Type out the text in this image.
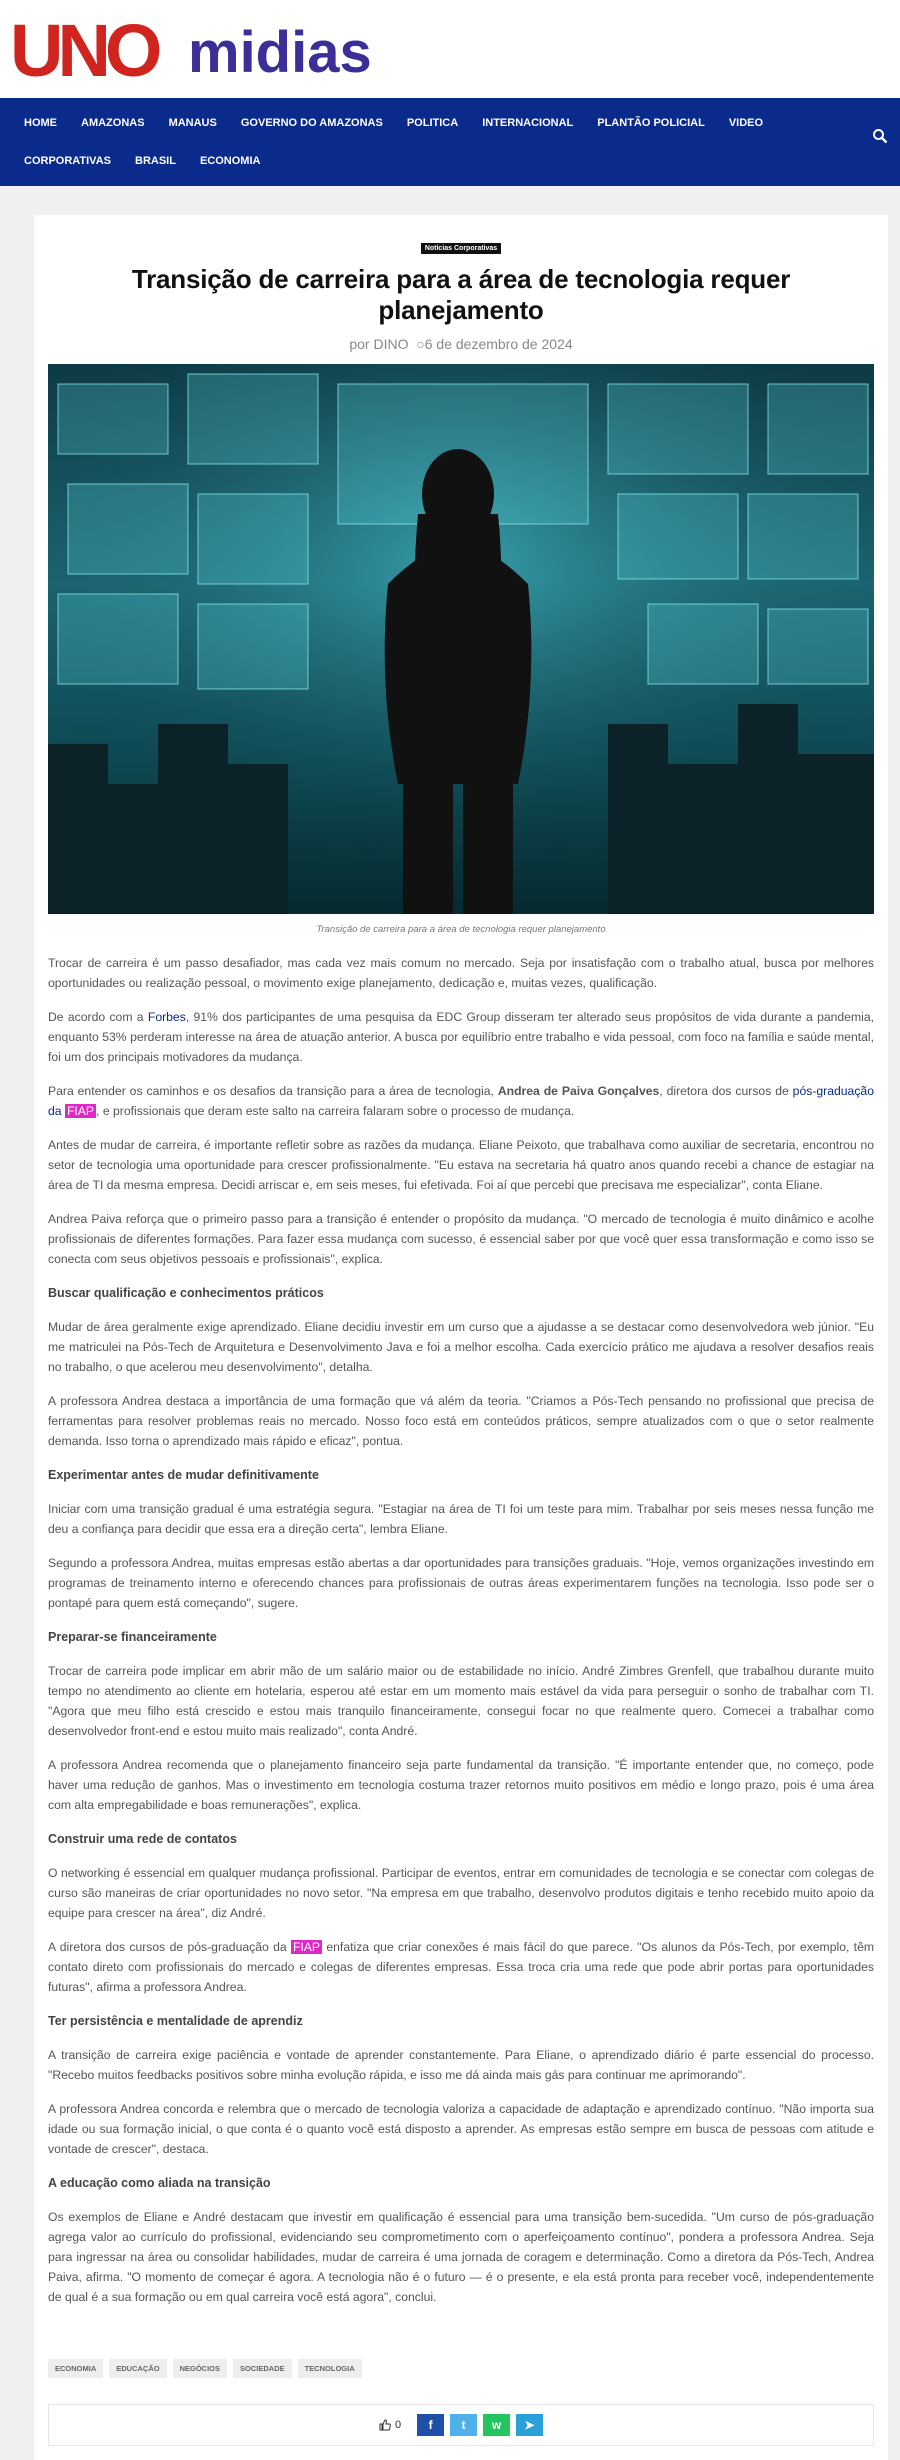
UNO midias
HOME	AMAZONAS	MANAUS	GOVERNO DO AMAZONAS	POLITICA	INTERNACIONAL	PLANTÃO POLICIAL	VIDEO
CORPORATIVAS	BRASIL	ECONOMIA
Notícias Corporativas
Transição de carreira para a área de tecnologia requer planejamento
por DINO ○6 de dezembro de 2024
Transição de carreira para a área de tecnologia requer planejamento

Trocar de carreira é um passo desafiador, mas cada vez mais comum no mercado. Seja por insatisfação com o trabalho atual, busca por melhores oportunidades ou realização pessoal, o movimento exige planejamento, dedicação e, muitas vezes, qualificação.

De acordo com a Forbes, 91% dos participantes de uma pesquisa da EDC Group disseram ter alterado seus propósitos de vida durante a pandemia, enquanto 53% perderam interesse na área de atuação anterior. A busca por equilíbrio entre trabalho e vida pessoal, com foco na família e saúde mental, foi um dos principais motivadores da mudança.

Para entender os caminhos e os desafios da transição para a área de tecnologia, Andrea de Paiva Gonçalves, diretora dos cursos de pós-graduação da FIAP , e profissionais que deram este salto na carreira falaram sobre o processo de mudança.

Antes de mudar de carreira, é importante refletir sobre as razões da mudança. Eliane Peixoto, que trabalhava como auxiliar de secretaria, encontrou no setor de tecnologia uma oportunidade para crescer profissionalmente. "Eu estava na secretaria há quatro anos quando recebi a chance de estagiar na área de TI da mesma empresa. Decidi arriscar e, em seis meses, fui efetivada. Foi aí que percebi que precisava me especializar", conta Eliane.

Andrea Paiva reforça que o primeiro passo para a transição é entender o propósito da mudança. "O mercado de tecnologia é muito dinâmico e acolhe profissionais de diferentes formações. Para fazer essa mudança com sucesso, é essencial saber por que você quer essa transformação e como isso se conecta com seus objetivos pessoais e profissionais", explica.

Buscar qualificação e conhecimentos práticos

Mudar de área geralmente exige aprendizado. Eliane decidiu investir em um curso que a ajudasse a se destacar como desenvolvedora web júnior. "Eu me matriculei na Pós-Tech de Arquitetura e Desenvolvimento Java e foi a melhor escolha. Cada exercício prático me ajudava a resolver desafios reais no trabalho, o que acelerou meu desenvolvimento", detalha.

A professora Andrea destaca a importância de uma formação que vá além da teoria. "Criamos a Pós-Tech pensando no profissional que precisa de ferramentas para resolver problemas reais no mercado. Nosso foco está em conteúdos práticos, sempre atualizados com o que o setor realmente demanda. Isso torna o aprendizado mais rápido e eficaz", pontua.

Experimentar antes de mudar definitivamente

Iniciar com uma transição gradual é uma estratégia segura. "Estagiar na área de TI foi um teste para mim. Trabalhar por seis meses nessa função me deu a confiança para decidir que essa era a direção certa", lembra Eliane.

Segundo a professora Andrea, muitas empresas estão abertas a dar oportunidades para transições graduais. "Hoje, vemos organizações investindo em programas de treinamento interno e oferecendo chances para profissionais de outras áreas experimentarem funções na tecnologia. Isso pode ser o pontapé para quem está começando", sugere.

Preparar-se financeiramente

Trocar de carreira pode implicar em abrir mão de um salário maior ou de estabilidade no início. André Zimbres Grenfell, que trabalhou durante muito tempo no atendimento ao cliente em hotelaria, esperou até estar em um momento mais estável da vida para perseguir o sonho de trabalhar com TI. "Agora que meu filho está crescido e estou mais tranquilo financeiramente, consegui focar no que realmente quero. Comecei a trabalhar como desenvolvedor front-end e estou muito mais realizado", conta André.

A professora Andrea recomenda que o planejamento financeiro seja parte fundamental da transição. "É importante entender que, no começo, pode haver uma redução de ganhos. Mas o investimento em tecnologia costuma trazer retornos muito positivos em médio e longo prazo, pois é uma área com alta empregabilidade e boas remunerações", explica.

Construir uma rede de contatos

O networking é essencial em qualquer mudança profissional. Participar de eventos, entrar em comunidades de tecnologia e se conectar com colegas de curso são maneiras de criar oportunidades no novo setor. "Na empresa em que trabalho, desenvolvo produtos digitais e tenho recebido muito apoio da equipe para crescer na área", diz André.

A diretora dos cursos de pós-graduação da FIAP enfatiza que criar conexões é mais fácil do que parece. "Os alunos da Pós-Tech, por exemplo, têm contato direto com profissionais do mercado e colegas de diferentes empresas. Essa troca cria uma rede que pode abrir portas para oportunidades futuras", afirma a professora Andrea.

Ter persistência e mentalidade de aprendiz

A transição de carreira exige paciência e vontade de aprender constantemente. Para Eliane, o aprendizado diário é parte essencial do processo. "Recebo muitos feedbacks positivos sobre minha evolução rápida, e isso me dá ainda mais gás para continuar me aprimorando".

A professora Andrea concorda e relembra que o mercado de tecnologia valoriza a capacidade de adaptação e aprendizado contínuo. "Não importa sua idade ou sua formação inicial, o que conta é o quanto você está disposto a aprender. As empresas estão sempre em busca de pessoas com atitude e vontade de crescer", destaca.

A educação como aliada na transição

Os exemplos de Eliane e André destacam que investir em qualificação é essencial para uma transição bem-sucedida. "Um curso de pós-graduação agrega valor ao currículo do profissional, evidenciando seu comprometimento com o aperfeiçoamento contínuo", pondera a professora Andrea. Seja para ingressar na área ou consolidar habilidades, mudar de carreira é uma jornada de coragem e determinação. Como a diretora da Pós-Tech, Andrea Paiva, afirma. "O momento de começar é agora. A tecnologia não é o futuro — é o presente, e ela está pronta para receber você, independentemente de qual é a sua formação ou em qual carreira você está agora", conclui.

ECONOMIA	EDUCAÇÃO	NEGÓCIOS	SOCIEDADE	TECNOLOGIA
0	f	t	w	➤
